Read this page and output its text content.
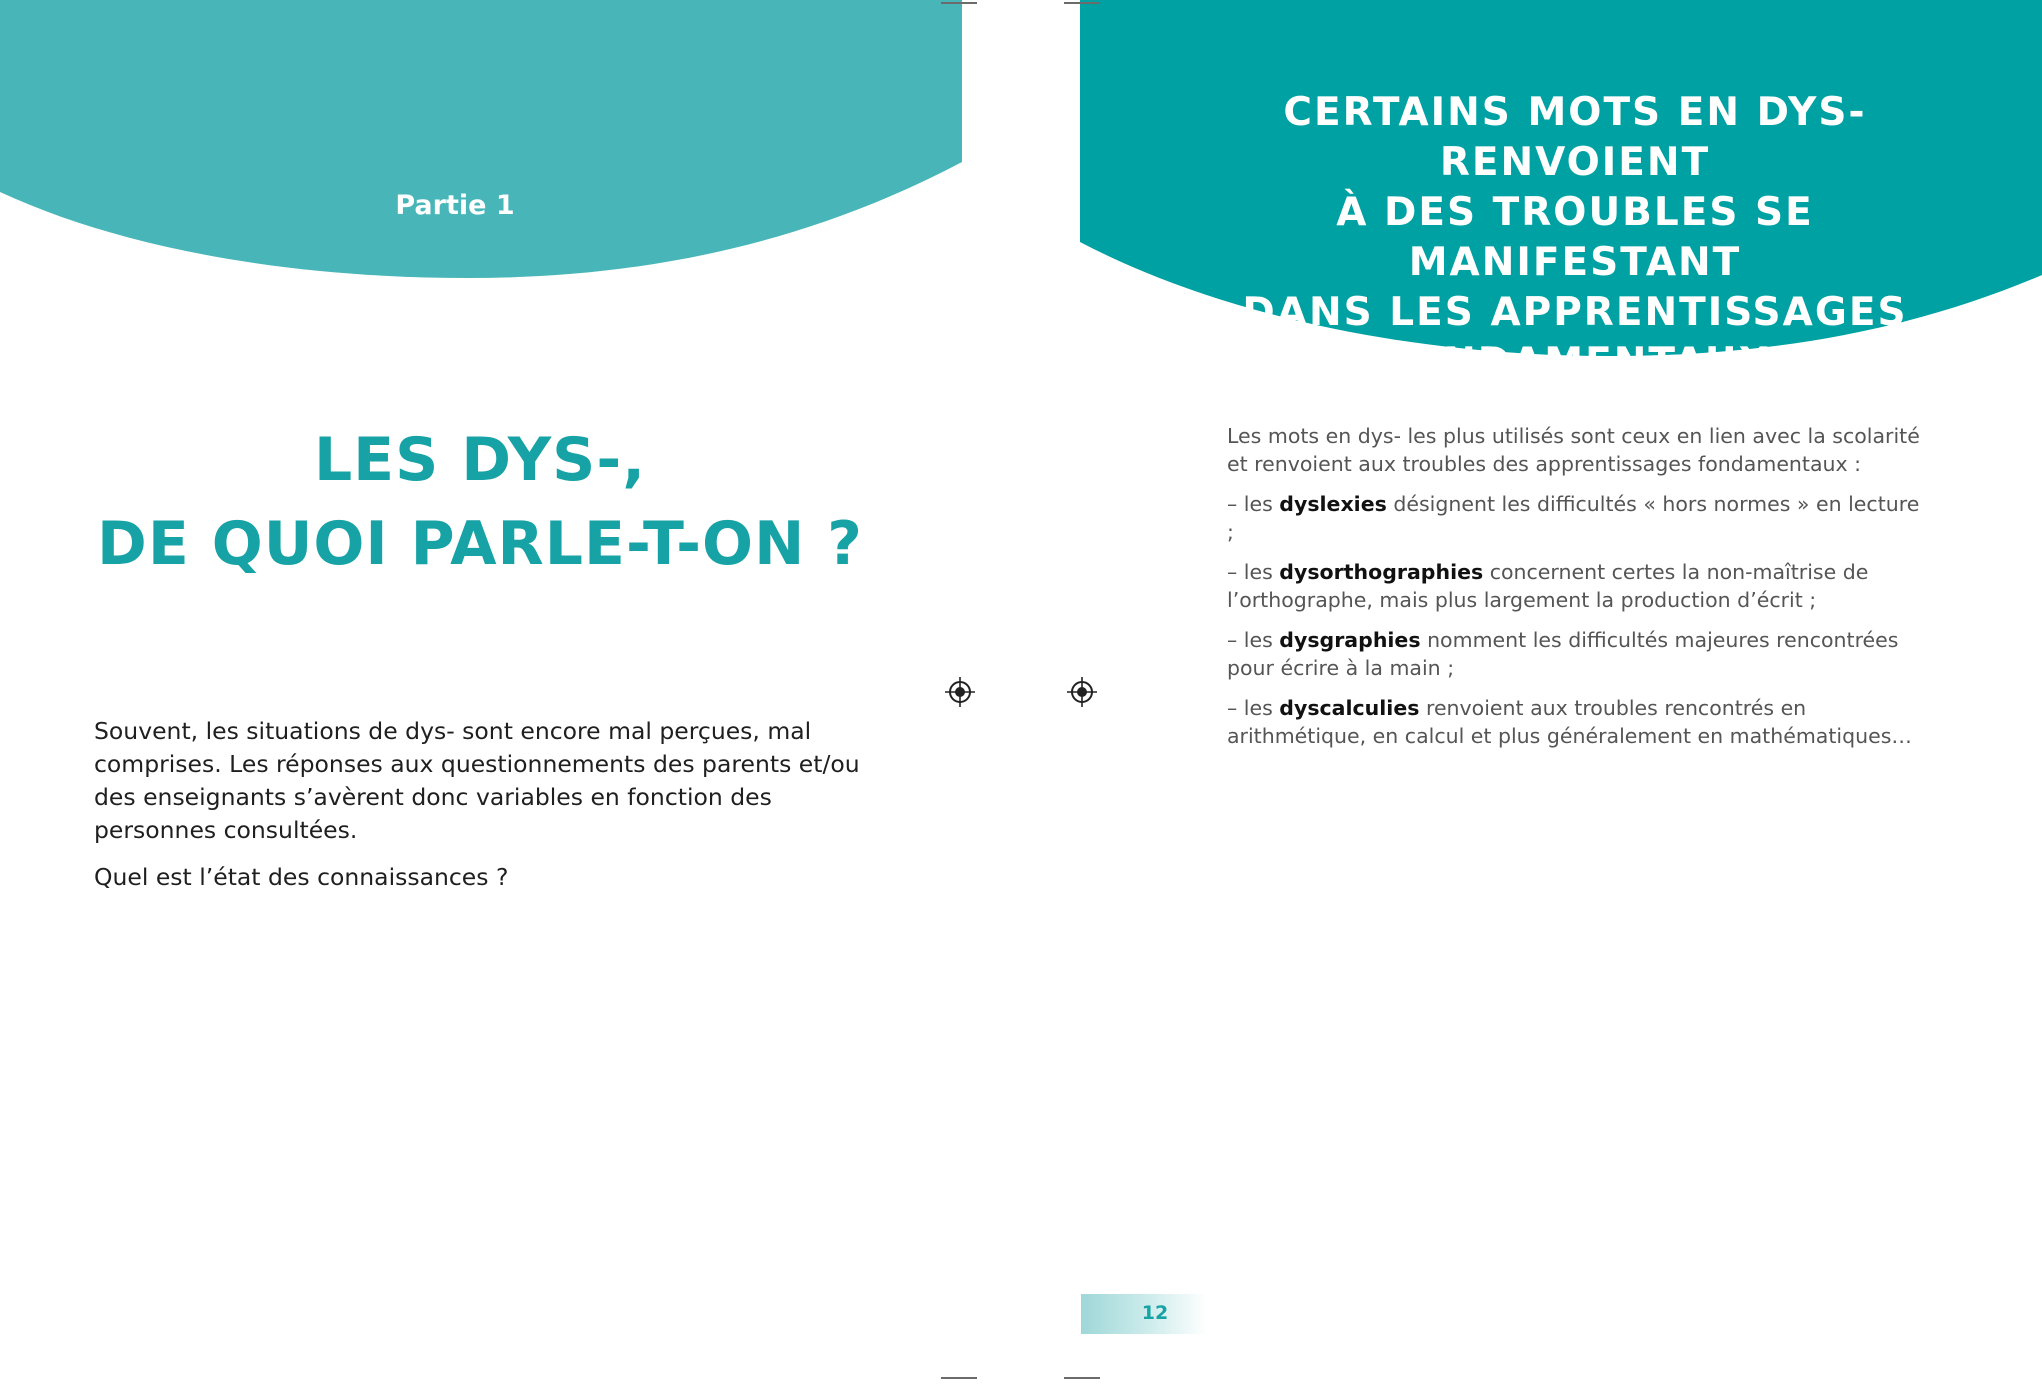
Partie 1
LES DYS-,
DE QUOI PARLE-T-ON ?

Souvent, les situations de dys- sont encore mal perçues, mal comprises. Les réponses aux questionnements des parents et/ou des enseignants s’avèrent donc variables en fonction des personnes consultées.

Quel est l’état des connaissances ?

CERTAINS MOTS EN DYS- RENVOIENT
À DES TROUBLES SE MANIFESTANT
DANS LES APPRENTISSAGES
FONDAMENTAUX

Les mots en dys- les plus utilisés sont ceux en lien avec la scolarité et renvoient aux troubles des apprentissages fondamentaux :

– les dyslexies désignent les difficultés « hors normes » en lecture ;

– les dysorthographies concernent certes la non-maîtrise de l’orthographe, mais plus largement la production d’écrit ;

– les dysgraphies nomment les difficultés majeures rencontrées pour écrire à la main ;

– les dyscalculies renvoient aux troubles rencontrés en arithmétique, en calcul et plus généralement en mathématiques…

12
